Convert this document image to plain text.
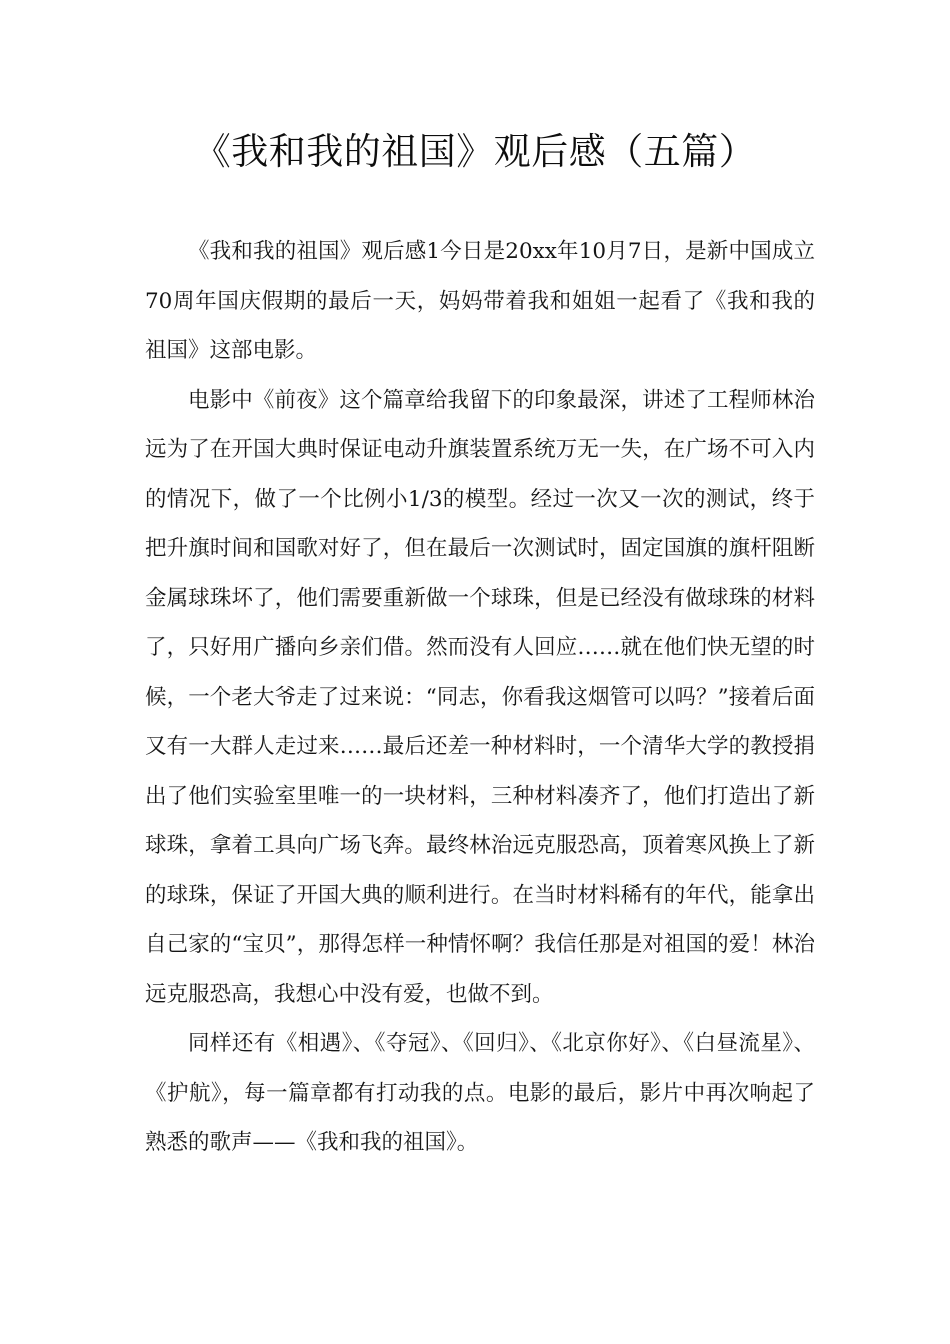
《我和我的祖国》观后感（五篇）

《我和我的祖国》观后感1今日是20xx年10月7日，是新中国成立70周年国庆假期的最后一天，妈妈带着我和姐姐一起看了《我和我的祖国》这部电影。

电影中《前夜》这个篇章给我留下的印象最深，讲述了工程师林治远为了在开国大典时保证电动升旗装置系统万无一失，在广场不可入内的情况下，做了一个比例小1/3的模型。经过一次又一次的测试，终于把升旗时间和国歌对好了，但在最后一次测试时，固定国旗的旗杆阻断金属球珠坏了，他们需要重新做一个球珠，但是已经没有做球珠的材料了，只好用广播向乡亲们借。然而没有人回应……就在他们快无望的时候，一个老大爷走了过来说：“同志，你看我这烟管可以吗？”接着后面又有一大群人走过来……最后还差一种材料时，一个清华大学的教授捐出了他们实验室里唯一的一块材料，三种材料凑齐了，他们打造出了新球珠，拿着工具向广场飞奔。最终林治远克服恐高，顶着寒风换上了新的球珠，保证了开国大典的顺利进行。在当时材料稀有的年代，能拿出自己家的“宝贝”，那得怎样一种情怀啊？我信任那是对祖国的爱！林治远克服恐高，我想心中没有爱，也做不到。

同样还有《相遇》、《夺冠》、《回归》、《北京你好》、《白昼流星》、《护航》，每一篇章都有打动我的点。电影的最后，影片中再次响起了熟悉的歌声——《我和我的祖国》。
